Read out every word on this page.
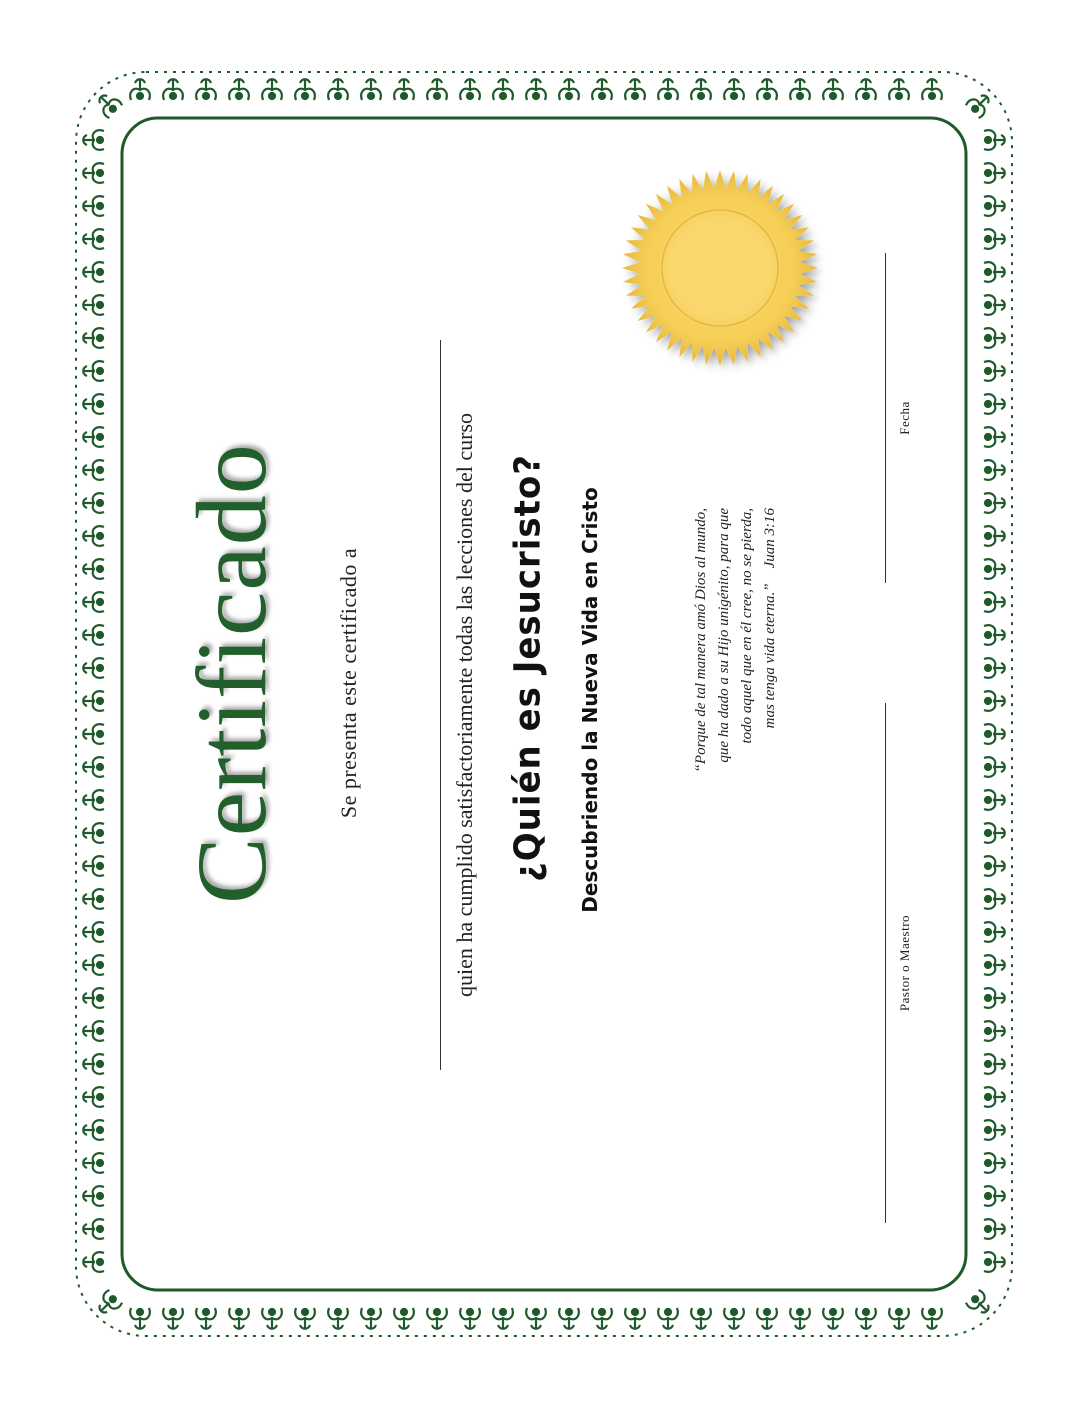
Certificado Se presenta este certificado a	quien ha cumplido satisfactoriamente todas las lecciones del curso ¿Quién es Jesucristo? Descubriendo la Nueva Vida en Cristo	“Porque de tal manera amó Dios al mundo, que ha dado a su Hijo unigénito, para que todo aquel que en él cree, no se pierda, mas tenga vida eterna.”    Juan 3:16
Pastor o Maestro
Fecha
